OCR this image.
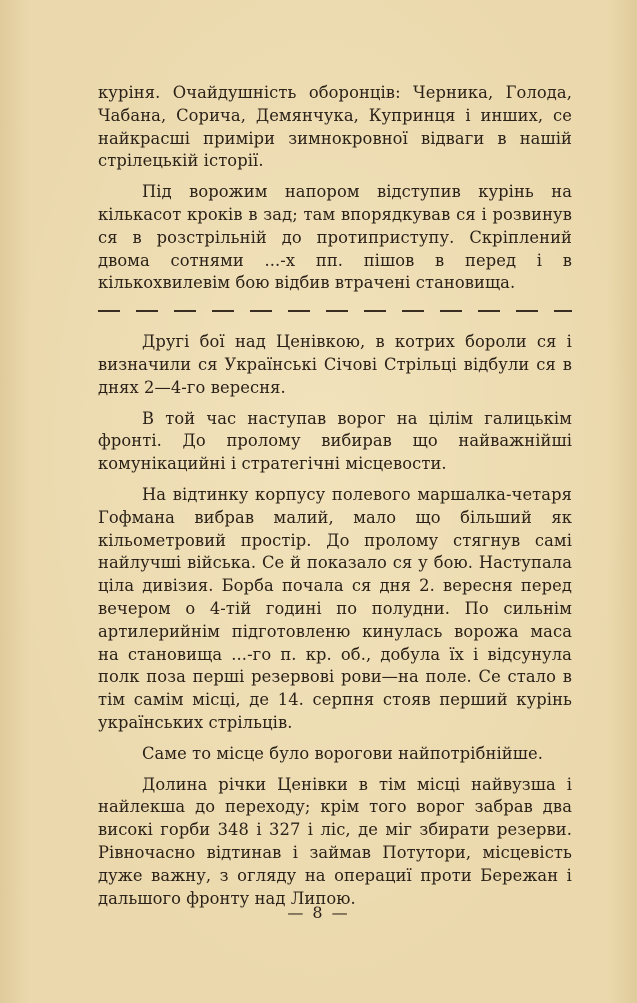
куріня. Очайдушність оборонців: Черника, Голода, Чабана, Сорича, Демянчука, Купринця і инших, се найкрасші приміри зимнокровної відваги в нашій стрілецькій історії.

Під ворожим напором відступив курінь на кількасот кроків в зад; там впорядкував ся і розвинув ся в розстрільній до протиприступу. Скріплений двома сотнями ...-х пп. пішов в перед і в кількохвилевім бою відбив втрачені становища.

Другі бої над Ценівкою, в котрих бороли ся і визначили ся Українські Січові Стрільці відбули ся в днях 2—4-го вересня.

В той час наступав ворог на цілім галицькім фронті. До пролому вибирав що найважнійші комунікацийні і стратегічні місцевости.

На відтинку корпусу полевого маршалка-четаря Гофмана вибрав малий, мало що більший як кільометровий простір. До пролому стягнув самі найлучші війська. Се й показало ся у бою. Наступала ціла дивізия. Борба почала ся дня 2. вересня перед вечером о 4-тій годині по полудни. По сильнім артилерийнім підготовленю кинулась ворожа маса на становища ...-го п. кр. об., добула їх і відсунула полк поза перші резервові рови—на поле. Се стало в тім самім місці, де 14. серпня стояв перший курінь українських стрільців.

Саме то місце було ворогови найпотрібнійше.

Долина річки Ценівки в тім місці найвузша і найлекша до переходу; крім того ворог забрав два високі горби 348 і 327 і ліс, де міг збирати резерви. Рівночасно відтинав і займав Потутори, місцевість дуже важну, з огляду на операциї проти Бережан і дальшого фронту над Липою.

— 8 —
